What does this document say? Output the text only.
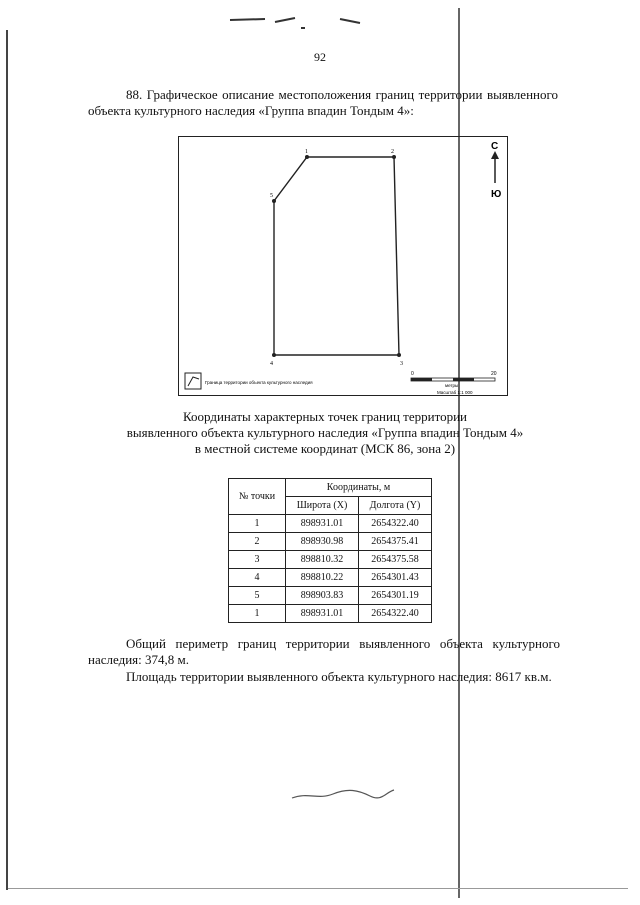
92
88. Графическое описание местоположения границ территории выявленного объекта культурного наследия «Группа впадин Тондым 4»:
1	2
3
4
5
С
Ю
Граница территории объекта культурного наследия
0	20
метры
Масштаб 1:1 000
Координаты характерных точек границ территории
выявленного объекта культурного наследия «Группа впадин Тондым 4»
в местной системе координат (МСК 86, зона 2)
№ точки	Координаты, м	
	Широта (X)	Долгота (Y)
1	898931.01	2654322.40
2	898930.98	2654375.41
3	898810.32	2654375.58
4	898810.22	2654301.43
5	898903.83	2654301.19
1	898931.01	2654322.40
Общий периметр границ территории выявленного объекта культурного наследия: 374,8 м.
Площадь территории выявленного объекта культурного наследия: 8617 кв.м.
